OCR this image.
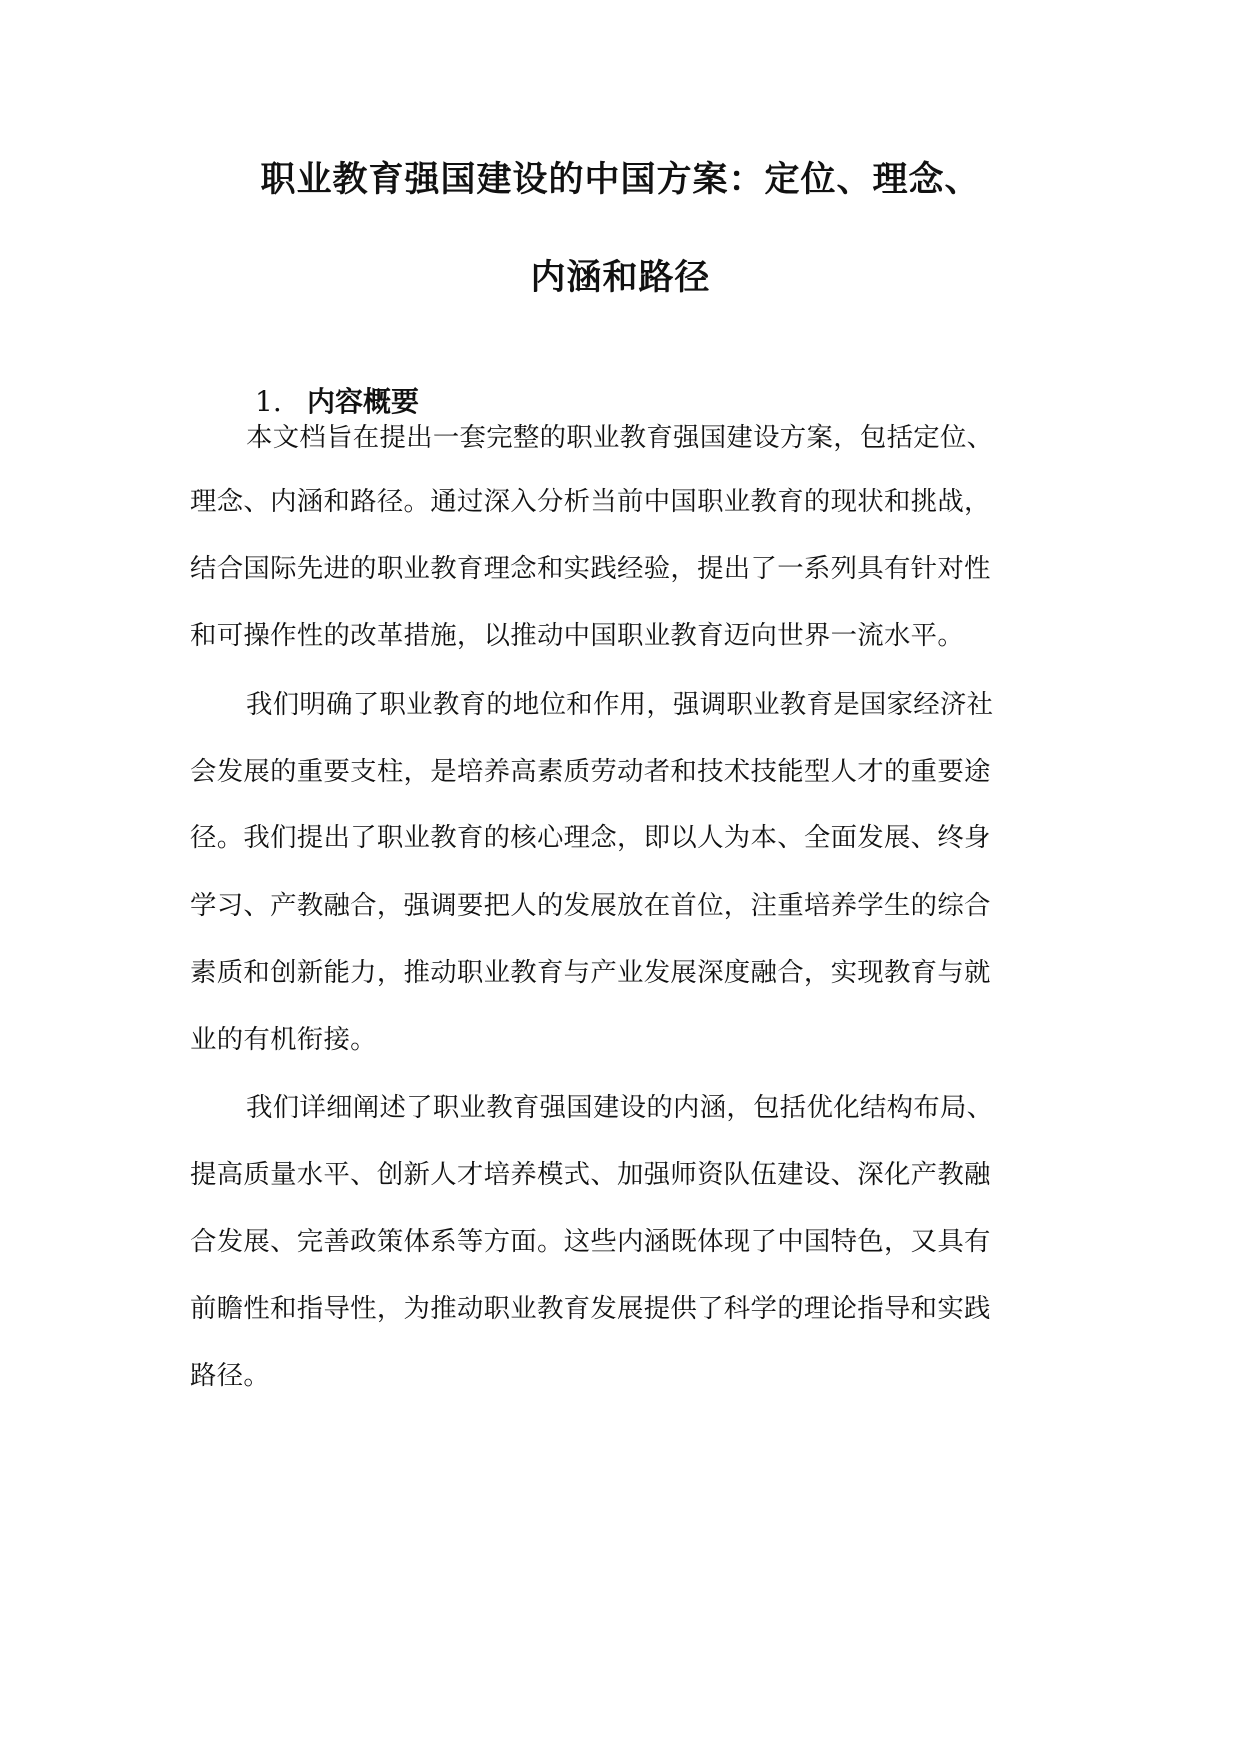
职业教育强国建设的中国方案：定位、理念、
内涵和路径
1. 内容概要

本文档旨在提出一套完整的职业教育强国建设方案，包括定位、

理念、内涵和路径。通过深入分析当前中国职业教育的现状和挑战，

结合国际先进的职业教育理念和实践经验，提出了一系列具有针对性

和可操作性的改革措施，以推动中国职业教育迈向世界一流水平。

我们明确了职业教育的地位和作用，强调职业教育是国家经济社

会发展的重要支柱，是培养高素质劳动者和技术技能型人才的重要途

径。我们提出了职业教育的核心理念，即以人为本、全面发展、终身

学习、产教融合，强调要把人的发展放在首位，注重培养学生的综合

素质和创新能力，推动职业教育与产业发展深度融合，实现教育与就

业的有机衔接。

我们详细阐述了职业教育强国建设的内涵，包括优化结构布局、

提高质量水平、创新人才培养模式、加强师资队伍建设、深化产教融

合发展、完善政策体系等方面。这些内涵既体现了中国特色，又具有

前瞻性和指导性，为推动职业教育发展提供了科学的理论指导和实践

路径。
